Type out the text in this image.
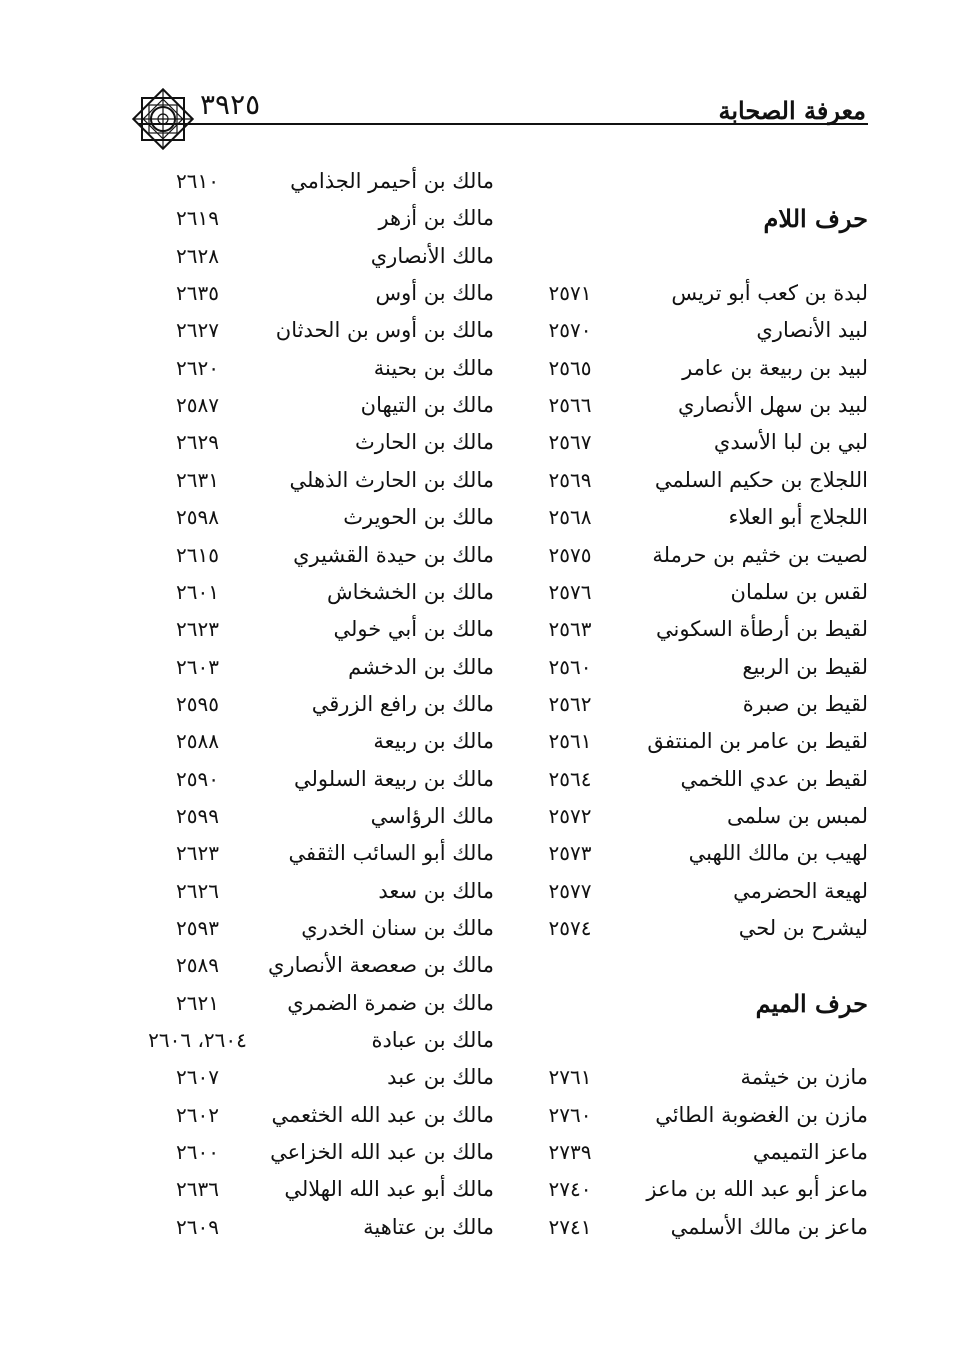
معرفة الصحابة
٣٩٢٥
حرف اللام
لبدة بن كعب أبو تريس
٢٥٧١
لبيد الأنصاري
٢٥٧٠
لبيد بن ربيعة بن عامر
٢٥٦٥
لبيد بن سهل الأنصاري
٢٥٦٦
لبي بن لبا الأسدي
٢٥٦٧
اللجلاج بن حكيم السلمي
٢٥٦٩
اللجلاج أبو العلاء
٢٥٦٨
لصيت بن خثيم بن حرملة
٢٥٧٥
لقس بن سلمان
٢٥٧٦
لقيط بن أرطأة السكوني
٢٥٦٣
لقيط بن الربيع
٢٥٦٠
لقيط بن صبرة
٢٥٦٢
لقيط بن عامر بن المنتفق
٢٥٦١
لقيط بن عدي اللخمي
٢٥٦٤
لمبس بن سلمى
٢٥٧٢
لهيب بن مالك اللهبي
٢٥٧٣
لهيعة الحضرمي
٢٥٧٧
ليشرح بن لحي
٢٥٧٤
حرف الميم
مازن بن خيثمة
٢٧٦١
مازن بن الغضوبة الطائي
٢٧٦٠
ماعز التميمي
٢٧٣٩
ماعز أبو عبد الله بن ماعز
٢٧٤٠
ماعز بن مالك الأسلمي
٢٧٤١
مالك بن أحيمر الجذامي
٢٦١٠
مالك بن أزهر
٢٦١٩
مالك الأنصاري
٢٦٢٨
مالك بن أوس
٢٦٣٥
مالك بن أوس بن الحدثان
٢٦٢٧
مالك بن بحينة
٢٦٢٠
مالك بن التيهان
٢٥٨٧
مالك بن الحارث
٢٦٢٩
مالك بن الحارث الذهلي
٢٦٣١
مالك بن الحويرث
٢٥٩٨
مالك بن حيدة القشيري
٢٦١٥
مالك بن الخشخاش
٢٦٠١
مالك بن أبي خولي
٢٦٢٣
مالك بن الدخشم
٢٦٠٣
مالك بن رافع الزرقي
٢٥٩٥
مالك بن ربيعة
٢٥٨٨
مالك بن ربيعة السلولي
٢٥٩٠
مالك الرؤاسي
٢٥٩٩
مالك أبو السائب الثقفي
٢٦٢٣
مالك بن سعد
٢٦٢٦
مالك بن سنان الخدري
٢٥٩٣
مالك بن صعصعة الأنصاري
٢٥٨٩
مالك بن ضمرة الضمري
٢٦٢١
مالك بن عبادة
٢٦٠٤، ٢٦٠٦
مالك بن عبد
٢٦٠٧
مالك بن عبد الله الخثعمي
٢٦٠٢
مالك بن عبد الله الخزاعي
٢٦٠٠
مالك أبو عبد الله الهلالي
٢٦٣٦
مالك بن عتاهية
٢٦٠٩
